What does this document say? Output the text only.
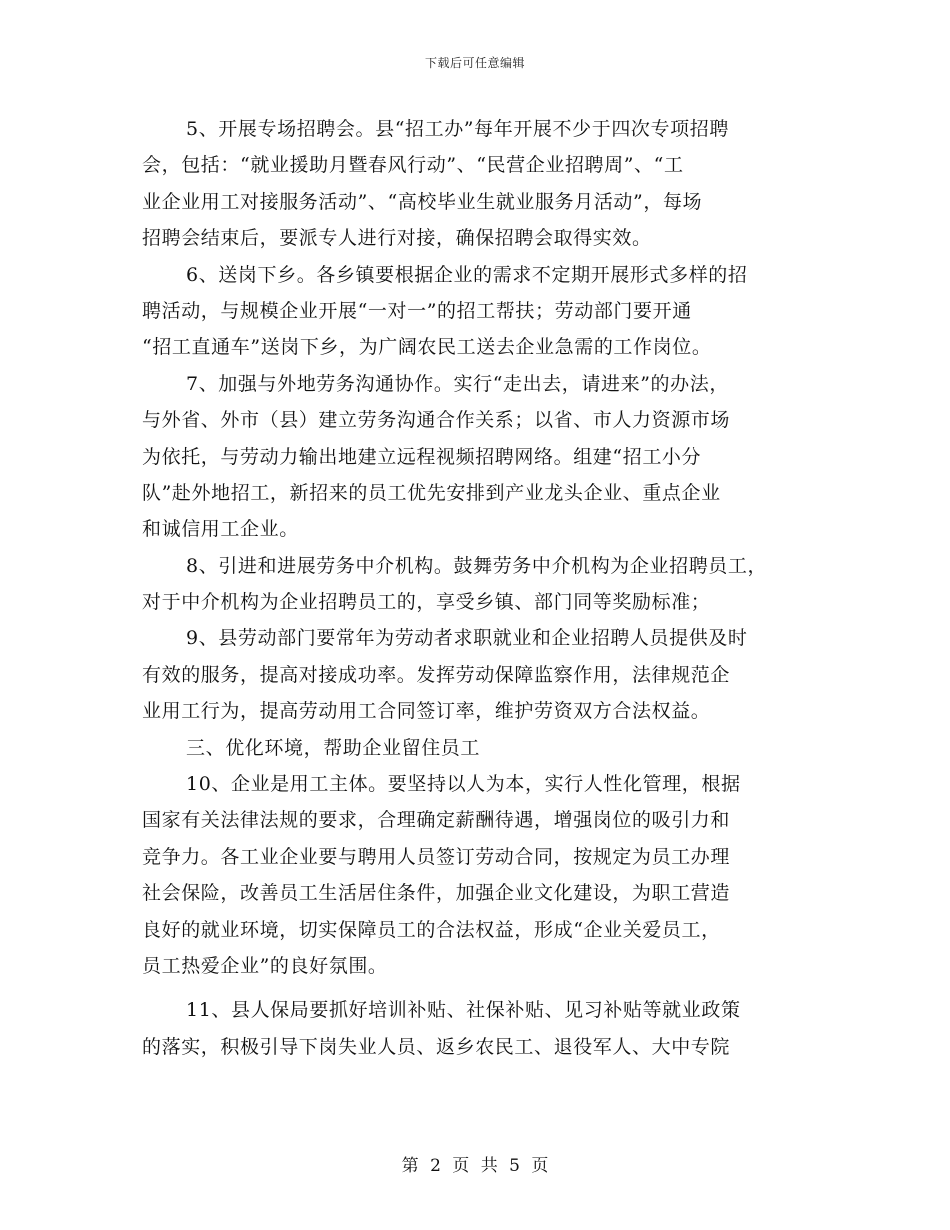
下载后可任意编辑
5、开展专场招聘会。县“招工办”每年开展不少于四次专项招聘
会，包括：“就业援助月暨春风行动”、“民营企业招聘周”、“工
业企业用工对接服务活动”、“高校毕业生就业服务月活动”，每场
招聘会结束后，要派专人进行对接，确保招聘会取得实效。
6、送岗下乡。各乡镇要根据企业的需求不定期开展形式多样的招
聘活动，与规模企业开展“一对一”的招工帮扶；劳动部门要开通
“招工直通车”送岗下乡，为广阔农民工送去企业急需的工作岗位。
7、加强与外地劳务沟通协作。实行“走出去，请进来”的办法，
与外省、外市（县）建立劳务沟通合作关系；以省、市人力资源市场
为依托，与劳动力输出地建立远程视频招聘网络。组建“招工小分
队”赴外地招工，新招来的员工优先安排到产业龙头企业、重点企业
和诚信用工企业。
8、引进和进展劳务中介机构。鼓舞劳务中介机构为企业招聘员工，
对于中介机构为企业招聘员工的，享受乡镇、部门同等奖励标准；
9、县劳动部门要常年为劳动者求职就业和企业招聘人员提供及时
有效的服务，提高对接成功率。发挥劳动保障监察作用，法律规范企
业用工行为，提高劳动用工合同签订率，维护劳资双方合法权益。
三、优化环境，帮助企业留住员工
10、企业是用工主体。要坚持以人为本，实行人性化管理，根据
国家有关法律法规的要求，合理确定薪酬待遇，增强岗位的吸引力和
竞争力。各工业企业要与聘用人员签订劳动合同，按规定为员工办理
社会保险，改善员工生活居住条件，加强企业文化建设，为职工营造
良好的就业环境，切实保障员工的合法权益，形成“企业关爱员工，
员工热爱企业”的良好氛围。
11、县人保局要抓好培训补贴、社保补贴、见习补贴等就业政策
的落实，积极引导下岗失业人员、返乡农民工、退役军人、大中专院
第 2 页 共 5 页
